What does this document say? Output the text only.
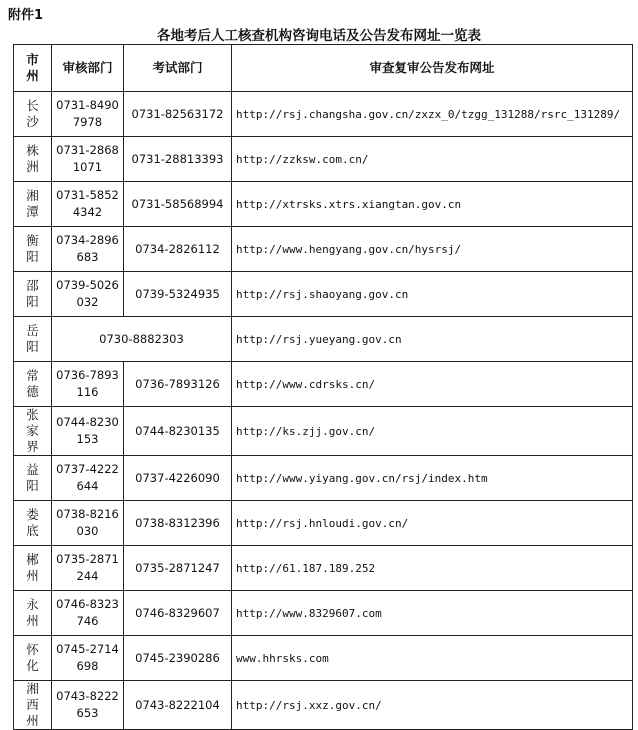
附件1
各地考后人工核查机构咨询电话及公告发布网址一览表
市州	审核部门	考试部门	审查复审公告发布网址

长沙	0731-84907978	0731-82563172	http://rsj.changsha.gov.cn/zxzx_0/tzgg_131288/rsrc_131289/

株洲	0731-28681071	0731-28813393	http://zzksw.com.cn/

湘潭	0731-58524342	0731-58568994	http://xtrsks.xtrs.xiangtan.gov.cn

衡阳	0734-2896683	0734-2826112	http://www.hengyang.gov.cn/hysrsj/

邵阳	0739-5026032	0739-5324935	http://rsj.shaoyang.gov.cn

岳阳	0730-8882303		http://rsj.yueyang.gov.cn

常德	0736-7893116	0736-7893126	http://www.cdrsks.cn/

张家界	0744-8230153	0744-8230135	http://ks.zjj.gov.cn/

益阳	0737-4222644	0737-4226090	http://www.yiyang.gov.cn/rsj/index.htm

娄底	0738-8216030	0738-8312396	http://rsj.hnloudi.gov.cn/

郴州	0735-2871244	0735-2871247	http://61.187.189.252

永州	0746-8323746	0746-8329607	http://www.8329607.com

怀化	0745-2714698	0745-2390286	www.hhrsks.com

湘西州	0743-8222653	0743-8222104	http://rsj.xxz.gov.cn/
